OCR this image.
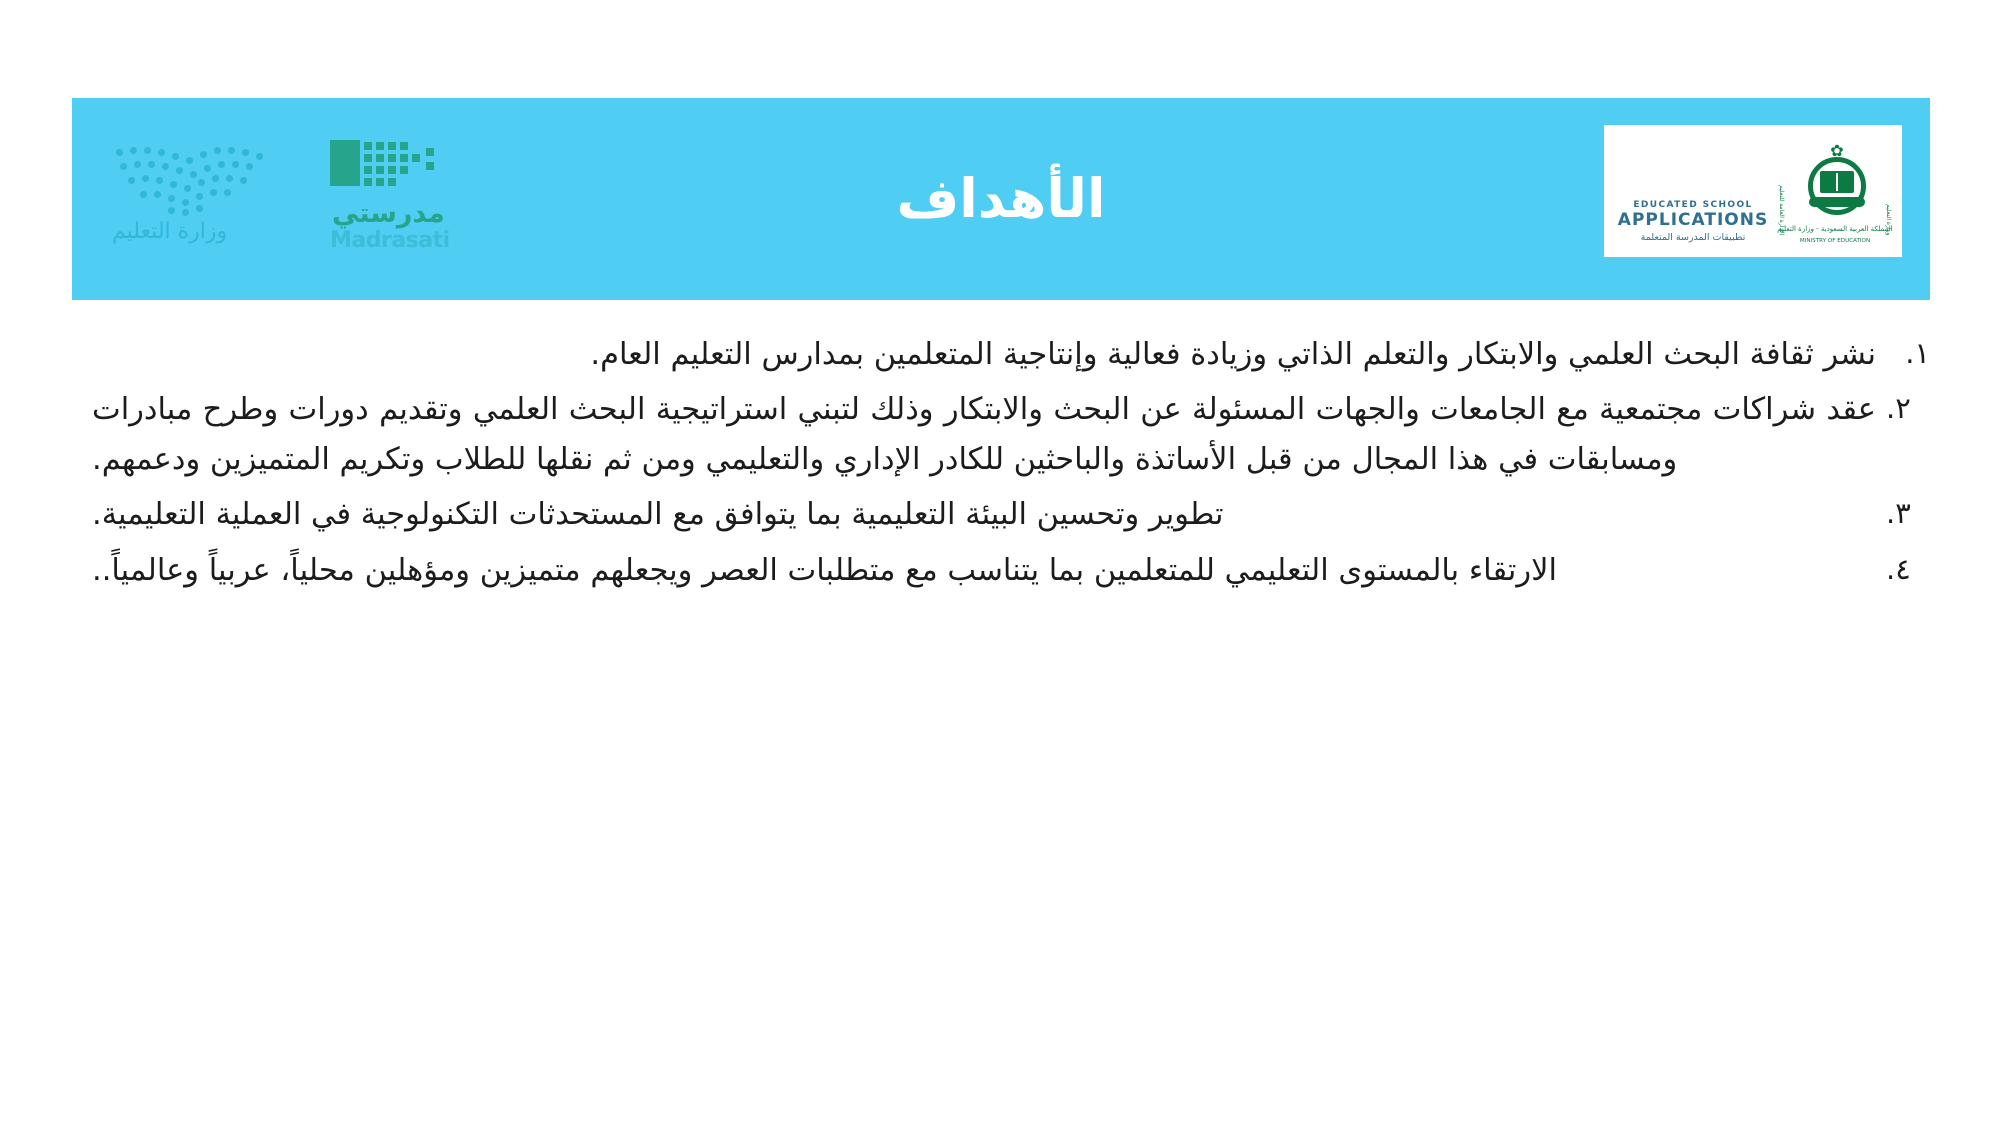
الأهداف
مدرستي
Madrasati
وزارة التعليم	الإدارة العامة للتعليم	وزارة التعليم
✿
المملكة العربية السعودية - وزارة التعليم
MINISTRY OF EDUCATION
EDUCATED SCHOOL
APPLICATIONS
تطبيقات المدرسة المتعلمة
١.
نشر ثقافة البحث العلمي والابتكار والتعلم الذاتي وزيادة فعالية وإنتاجية المتعلمين بمدارس التعليم العام.
٢.
عقد شراكات مجتمعية مع الجامعات والجهات المسئولة عن البحث والابتكار وذلك لتبني استراتيجية البحث العلمي وتقديم دورات وطرح مبادرات ومسابقات في هذا المجال من قبل الأساتذة والباحثين للكادر الإداري والتعليمي ومن ثم نقلها للطلاب وتكريم المتميزين ودعمهم.
٣.
تطوير وتحسين البيئة التعليمية بما يتوافق مع المستحدثات التكنولوجية في العملية التعليمية.
٤.
الارتقاء بالمستوى التعليمي للمتعلمين بما يتناسب مع متطلبات العصر ويجعلهم متميزين ومؤهلين محلياً، عربياً وعالمياً..
